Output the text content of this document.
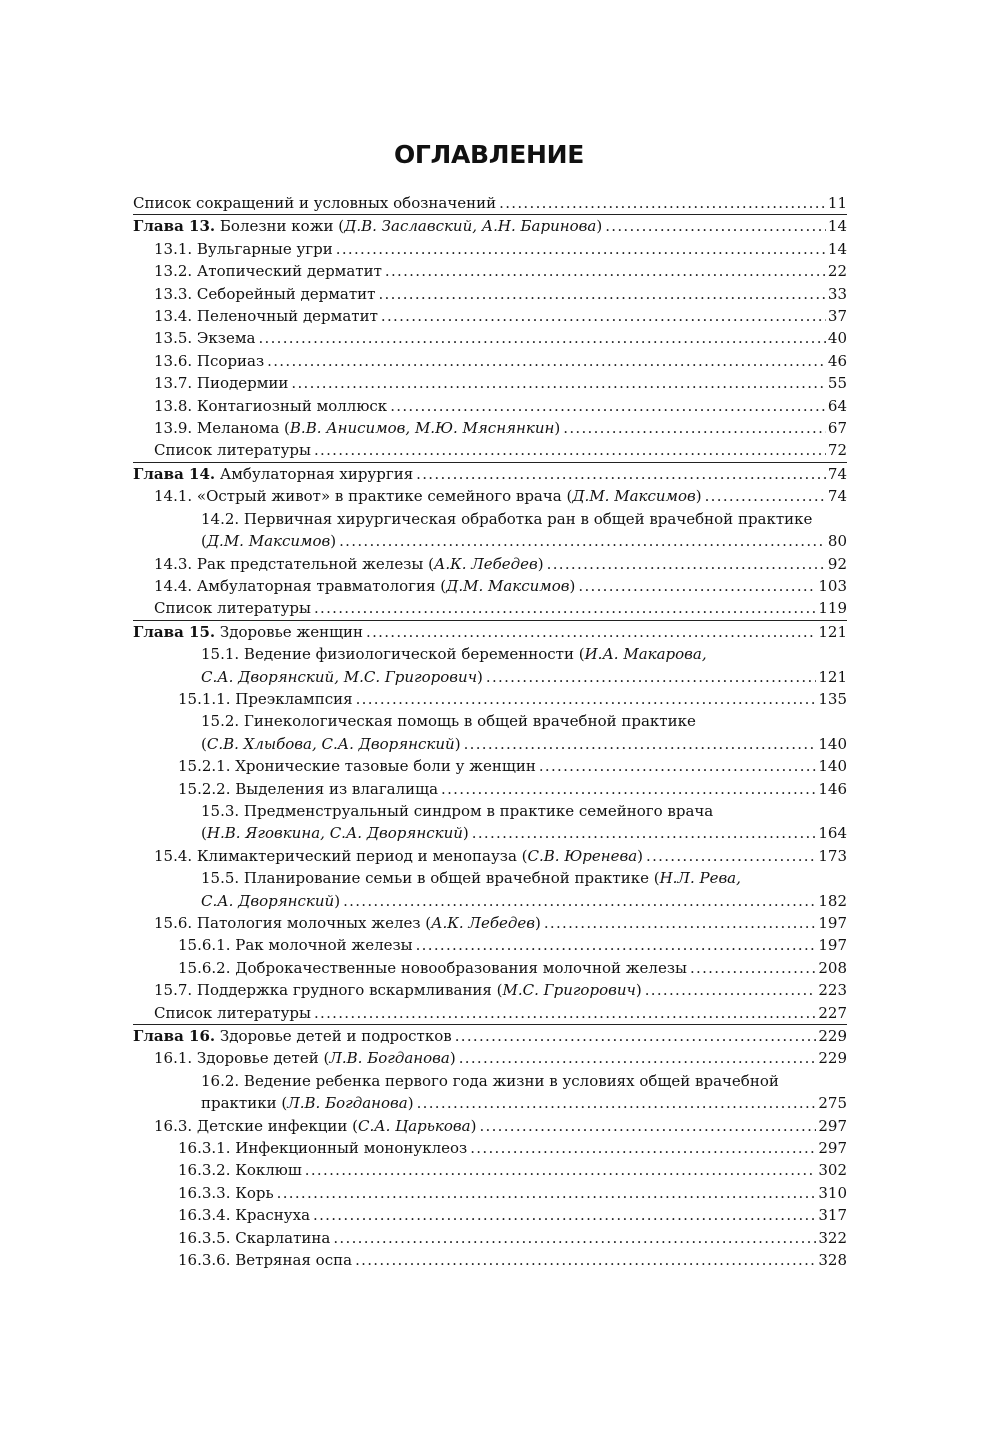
ОГЛАВЛЕНИЕ
Список сокращений и условных обозначений .....	11
Глава 13. Болезни кожи (Д.В. Заславский, А.Н. Баринова) .....	14
13.1. Вульгарные угри .....	14
13.2. Атопический дерматит .....	22
13.3. Себорейный дерматит .....	33
13.4. Пеленочный дерматит .....	37
13.5. Экзема .....	40
13.6. Псориаз .....	46
13.7. Пиодермии .....	55
13.8. Контагиозный моллюск .....	64
13.9. Меланома (В.В. Анисимов, М.Ю. Мяснянкин) .....	67
Список литературы .....	72
Глава 14. Амбулаторная хирургия .....	74
14.1. «Острый живот» в практике семейного врача (Д.М. Максимов) .....	74
14.2. Первичная хирургическая обработка ран в общей врачебной практике
(Д.М. Максимов) .....	80
14.3. Рак предстательной железы (А.К. Лебедев) .....	92
14.4. Амбулаторная травматология (Д.М. Максимов) .....	103
Список литературы .....	119
Глава 15. Здоровье женщин .....	121
15.1. Ведение физиологической беременности (И.А. Макарова,
С.А. Дворянский, М.С. Григорович) .....	121
15.1.1. Преэклампсия .....	135
15.2. Гинекологическая помощь в общей врачебной практике
(С.В. Хлыбова, С.А. Дворянский) .....	140
15.2.1. Хронические тазовые боли у женщин .....	140
15.2.2. Выделения из влагалища .....	146
15.3. Предменструальный синдром в практике семейного врача
(Н.В. Яговкина, С.А. Дворянский) .....	164
15.4. Климактерический период и менопауза (С.В. Юренева) .....	173
15.5. Планирование семьи в общей врачебной практике (Н.Л. Рева,
С.А. Дворянский) .....	182
15.6. Патология молочных желез (А.К. Лебедев) .....	197
15.6.1. Рак молочной железы .....	197
15.6.2. Доброкачественные новообразования молочной железы .....	208
15.7. Поддержка грудного вскармливания (М.С. Григорович) .....	223
Список литературы .....	227
Глава 16. Здоровье детей и подростков .....	229
16.1. Здоровье детей (Л.В. Богданова) .....	229
16.2. Ведение ребенка первого года жизни в условиях общей врачебной
практики (Л.В. Богданова) .....	275
16.3. Детские инфекции (С.А. Царькова) .....	297
16.3.1. Инфекционный мононуклеоз .....	297
16.3.2. Коклюш .....	302
16.3.3. Корь .....	310
16.3.4. Краснуха .....	317
16.3.5. Скарлатина .....	322
16.3.6. Ветряная оспа .....	328
